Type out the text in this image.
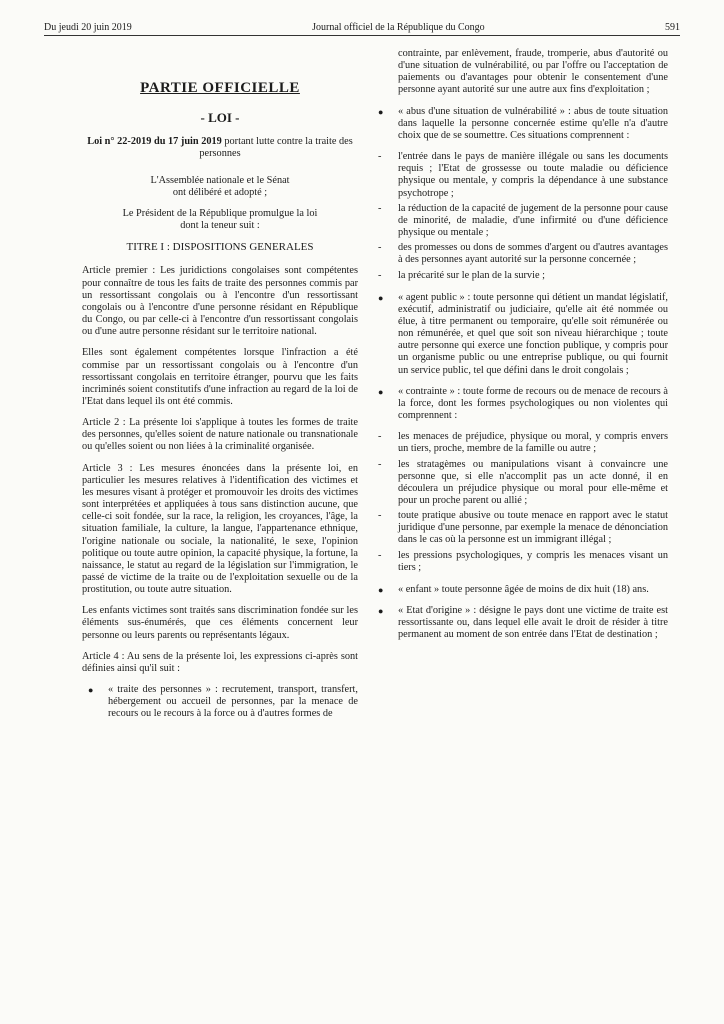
Du jeudi 20 juin 2019	Journal officiel de la République du Congo	591
PARTIE OFFICIELLE
- LOI -

Loi n° 22-2019 du 17 juin 2019 portant lutte contre la traite des personnes

L'Assemblée nationale et le Sénat
ont délibéré et adopté ;

Le Président de la République promulgue la loi
dont la teneur suit :

TITRE I : DISPOSITIONS GENERALES

Article premier : Les juridictions congolaises sont compétentes pour connaître de tous les faits de traite des personnes commis par un ressortissant congolais ou à l'encontre d'un ressortissant congolais ou à l'encontre d'une personne résidant en République du Congo, ou par celle-ci à l'encontre d'un ressortissant congolais ou d'une autre personne résidant sur le territoire national.

Elles sont également compétentes lorsque l'infraction a été commise par un ressortissant congolais ou à l'encontre d'un ressortissant congolais en territoire étranger, pourvu que les faits incriminés soient constitutifs d'une infraction au regard de la loi de l'Etat dans lequel ils ont été commis.

Article 2 : La présente loi s'applique à toutes les formes de traite des personnes, qu'elles soient de nature nationale ou transnationale ou qu'elles soient ou non liées à la criminalité organisée.

Article 3 : Les mesures énoncées dans la présente loi, en particulier les mesures relatives à l'identification des victimes et les mesures visant à protéger et promouvoir les droits des victimes sont interprétées et appliquées à tous sans distinction aucune, que celle-ci soit fondée, sur la race, la religion, les croyances, l'âge, la situation familiale, la culture, la langue, l'appartenance ethnique, l'origine nationale ou sociale, la nationalité, le sexe, l'opinion politique ou toute autre opinion, la capacité physique, la fortune, la naissance, le statut au regard de la législation sur l'immigration, le passé de victime de la traite ou de l'exploitation sexuelle ou de la prostitution, ou toute autre situation.

Les enfants victimes sont traités sans discrimination fondée sur les éléments sus-énumérés, que ces éléments concernent leur personne ou leurs parents ou représentants légaux.

Article 4 : Au sens de la présente loi, les expressions ci-après sont définies ainsi qu'il suit :

● « traite des personnes » : recrutement, transport, transfert, hébergement ou accueil de personnes, par la menace de recours ou le recours à la force ou à d'autres formes de

contrainte, par enlèvement, fraude, tromperie, abus d'autorité ou d'une situation de vulnérabilité, ou par l'offre ou l'acceptation de paiements ou d'avantages pour obtenir le consentement d'une personne ayant autorité sur une autre aux fins d'exploitation ;

● « abus d'une situation de vulnérabilité » : abus de toute situation dans laquelle la personne concernée estime qu'elle n'a d'autre choix que de se soumettre. Ces situations comprennent :
- l'entrée dans le pays de manière illégale ou sans les documents requis ; l'Etat de grossesse ou toute maladie ou déficience physique ou mentale, y compris la dépendance à une substance psychotrope ;
- la réduction de la capacité de jugement de la personne pour cause de minorité, de maladie, d'une infirmité ou d'une déficience physique ou mentale ;
- des promesses ou dons de sommes d'argent ou d'autres avantages à des personnes ayant autorité sur la personne concernée ;
- la précarité sur le plan de la survie ;
● « agent public » : toute personne qui détient un mandat législatif, exécutif, administratif ou judiciaire, qu'elle ait été nommée ou élue, à titre permanent ou temporaire, qu'elle soit rémunérée ou non rémunérée, et quel que soit son niveau hiérarchique ; toute autre personne qui exerce une fonction publique, y compris pour un organisme public ou une entreprise publique, ou qui fournit un service public, tel que défini dans le droit congolais ;
● « contrainte » : toute forme de recours ou de menace de recours à la force, dont les formes psychologiques ou non violentes qui comprennent :
- les menaces de préjudice, physique ou moral, y compris envers un tiers, proche, membre de la famille ou autre ;
- les stratagèmes ou manipulations visant à convaincre une personne que, si elle n'accomplit pas un acte donné, il en découlera un préjudice physique ou moral pour elle-même et pour un proche parent ou allié ;
- toute pratique abusive ou toute menace en rapport avec le statut juridique d'une personne, par exemple la menace de dénonciation dans le cas où la personne est un immigrant illégal ;
- les pressions psychologiques, y compris les menaces visant un tiers ;
● « enfant » toute personne âgée de moins de dix huit (18) ans.
● « Etat d'origine » : désigne le pays dont une victime de traite est ressortissante ou, dans lequel elle avait le droit de résider à titre permanent au moment de son entrée dans l'Etat de destination ;
